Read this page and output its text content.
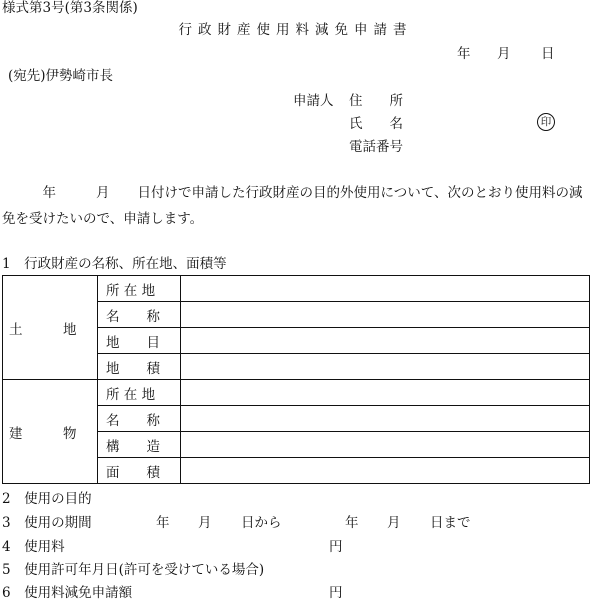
様式第3号(第3条関係)
行政財産使用料減免申請書
年 月 日
(宛先)伊勢崎市長
申請人 住　　所
氏　　名	印
電話番号
年	月 日付けで申請した行政財産の目的外使用について、次のとおり使用料の減免を受けたいので、申請します。
1　行政財産の名称、所在地、面積等
土　　　地	所 在 地	
	名　　称	
	地　　目	
	地　　積	
建　　　物	所 在 地	
	名　　称	
	構　　造	
	面　　積	
2　使用の目的
3　使用の期間	年 月 日から	年 月 日まで
4　使用料	円
5　使用許可年月日(許可を受けている場合)
6　使用料減免申請額	円
